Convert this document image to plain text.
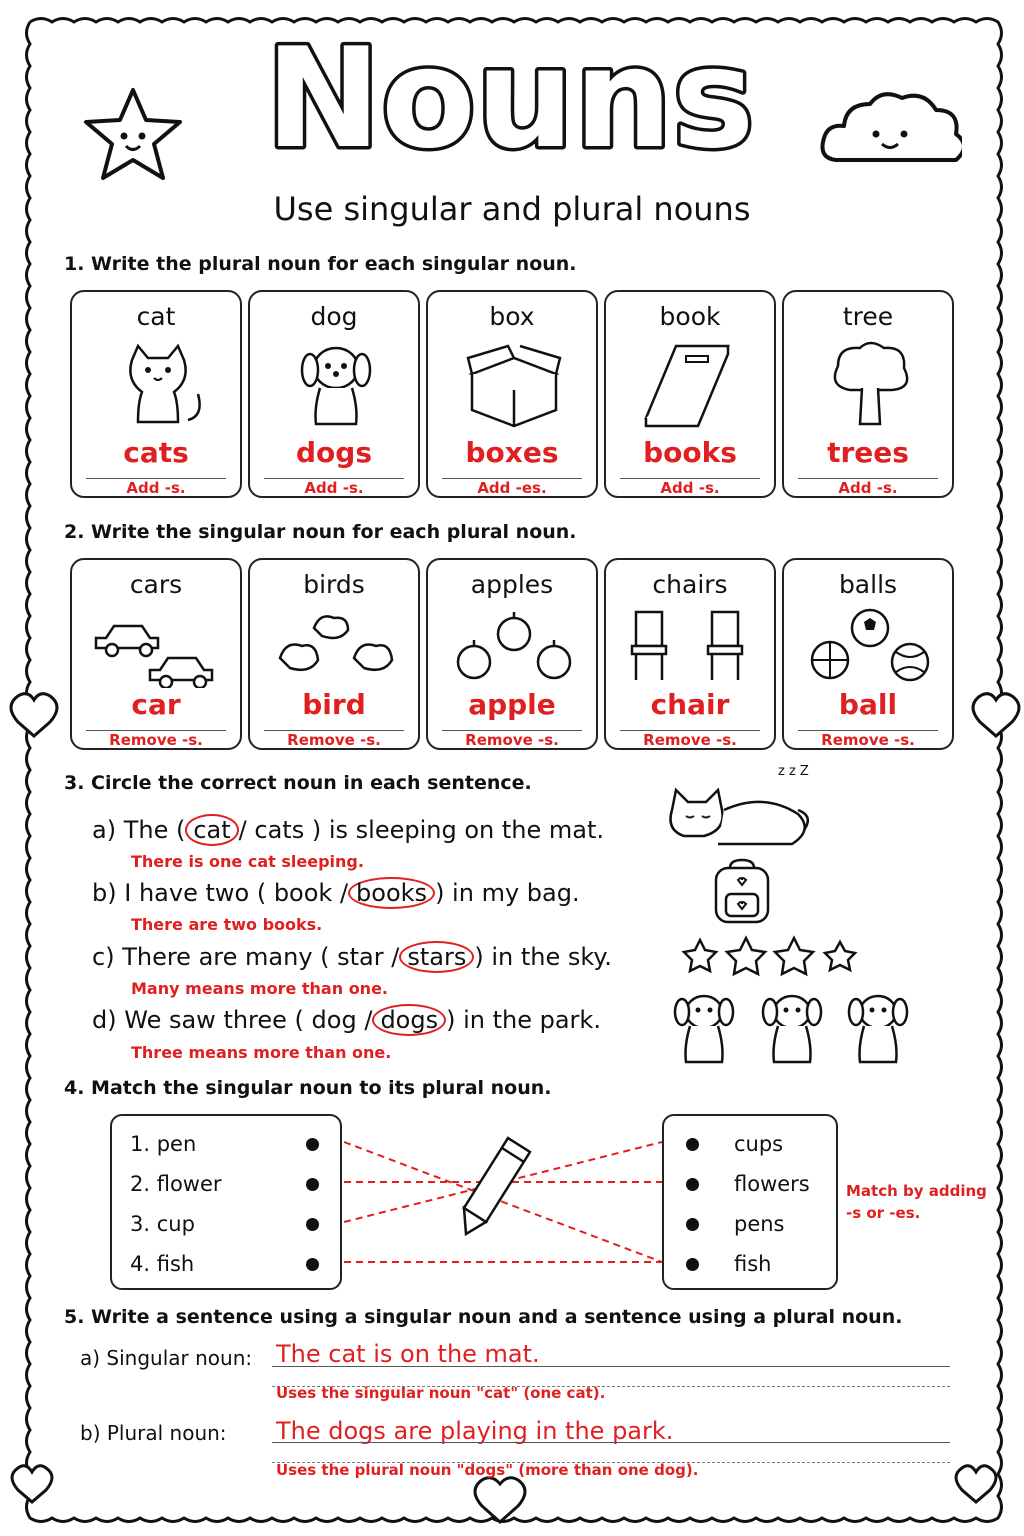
Nouns
Use singular and plural nouns
1. Write the plural noun for each singular noun.
cat
cats
Add -s.
dog
dogs
Add -s.
box
boxes
Add -es.
book
books
Add -s.
tree
trees
Add -s.
2. Write the singular noun for each plural noun.
cars
car
Remove -s.
birds
bird
Remove -s.
apples
apple
Remove -s.
chairs
chair
Remove -s.
balls
ball
Remove -s.
3. Circle the correct noun in each sentence.
a) The ( cat / cats ) is sleeping on the mat.
There is one cat sleeping.
b) I have two ( book / books ) in my bag.
There are two books.
c) There are many ( star / stars ) in the sky.
Many means more than one.
d) We saw three ( dog / dogs ) in the park.
Three means more than one.
z z Z
4. Match the singular noun to its plural noun.
1. pen
2. flower
3. cup
4. fish
cups
flowers
pens
fish
Match by adding -s or -es.
5. Write a sentence using a singular noun and a sentence using a plural noun.
a) Singular noun: The cat is on the mat.
Uses the singular noun "cat" (one cat).
b) Plural noun: The dogs are playing in the park.
Uses the plural noun "dogs" (more than one dog).
